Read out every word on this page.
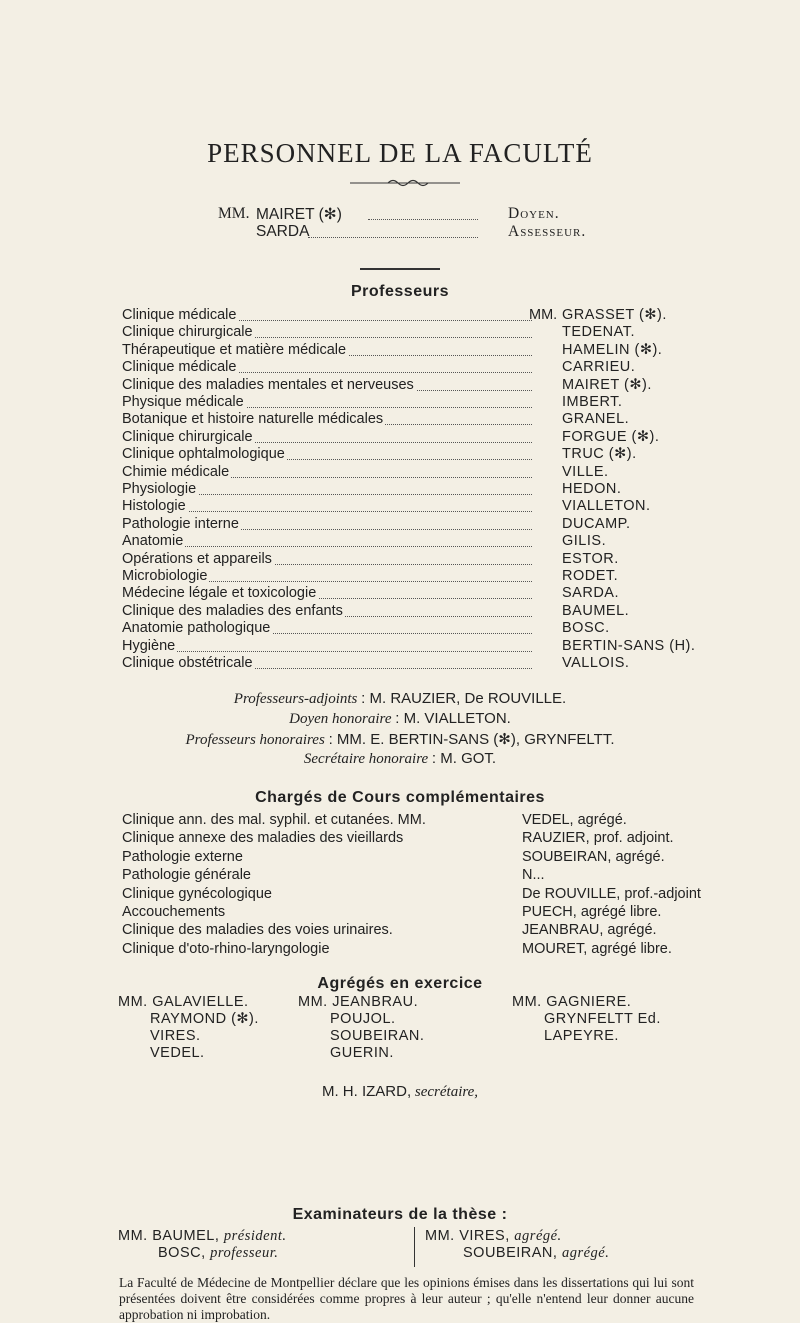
PERSONNEL DE LA FACULTÉ
MM. MAIRET (✻)	Doyen.
SARDA	Assesseur.
Professeurs
Clinique médicale	MM. GRASSET (✻).
Clinique chirurgicale	TEDENAT.
Thérapeutique et matière médicale	HAMELIN (✻).
Clinique médicale	CARRIEU.
Clinique des maladies mentales et nerveuses	MAIRET (✻).
Physique médicale	IMBERT.
Botanique et histoire naturelle médicales	GRANEL.
Clinique chirurgicale	FORGUE (✻).
Clinique ophtalmologique	TRUC (✻).
Chimie médicale	VILLE.
Physiologie	HEDON.
Histologie	VIALLETON.
Pathologie interne	DUCAMP.
Anatomie	GILIS.
Opérations et appareils	ESTOR.
Microbiologie	RODET.
Médecine légale et toxicologie	SARDA.
Clinique des maladies des enfants	BAUMEL.
Anatomie pathologique	BOSC.
Hygiène	BERTIN-SANS (H).
Clinique obstétricale	VALLOIS.
Professeurs-adjoints : M. RAUZIER, De ROUVILLE.
Doyen honoraire : M. VIALLETON.
Professeurs honoraires : MM. E. BERTIN-SANS (✻), GRYNFELTT.
Secrétaire honoraire : M. GOT.
Chargés de Cours complémentaires
Clinique ann. des mal. syphil. et cutanées. MM.	VEDEL, agrégé.
Clinique annexe des maladies des vieillards	RAUZIER, prof. adjoint.
Pathologie externe	SOUBEIRAN, agrégé.
Pathologie générale	N...
Clinique gynécologique	De ROUVILLE, prof.-adjoint
Accouchements	PUECH, agrégé libre.
Clinique des maladies des voies urinaires.	JEANBRAU, agrégé.
Clinique d'oto-rhino-laryngologie	MOURET, agrégé libre.
Agrégés en exercice
MM. GALAVIELLE.
RAYMOND (✻).
VIRES.
VEDEL.
MM. JEANBRAU.
POUJOL.
SOUBEIRAN.
GUERIN.
MM. GAGNIERE.
GRYNFELTT Ed.
LAPEYRE.
M. H. IZARD, secrétaire,
Examinateurs de la thèse :
MM. BAUMEL, président.
BOSC, professeur.
MM. VIRES, agrégé.
SOUBEIRAN, agrégé.
La Faculté de Médecine de Montpellier déclare que les opinions émises dans les dissertations qui lui sont présentées doivent être considérées comme propres à leur auteur ; qu'elle n'entend leur donner aucune approbation ni improbation.
